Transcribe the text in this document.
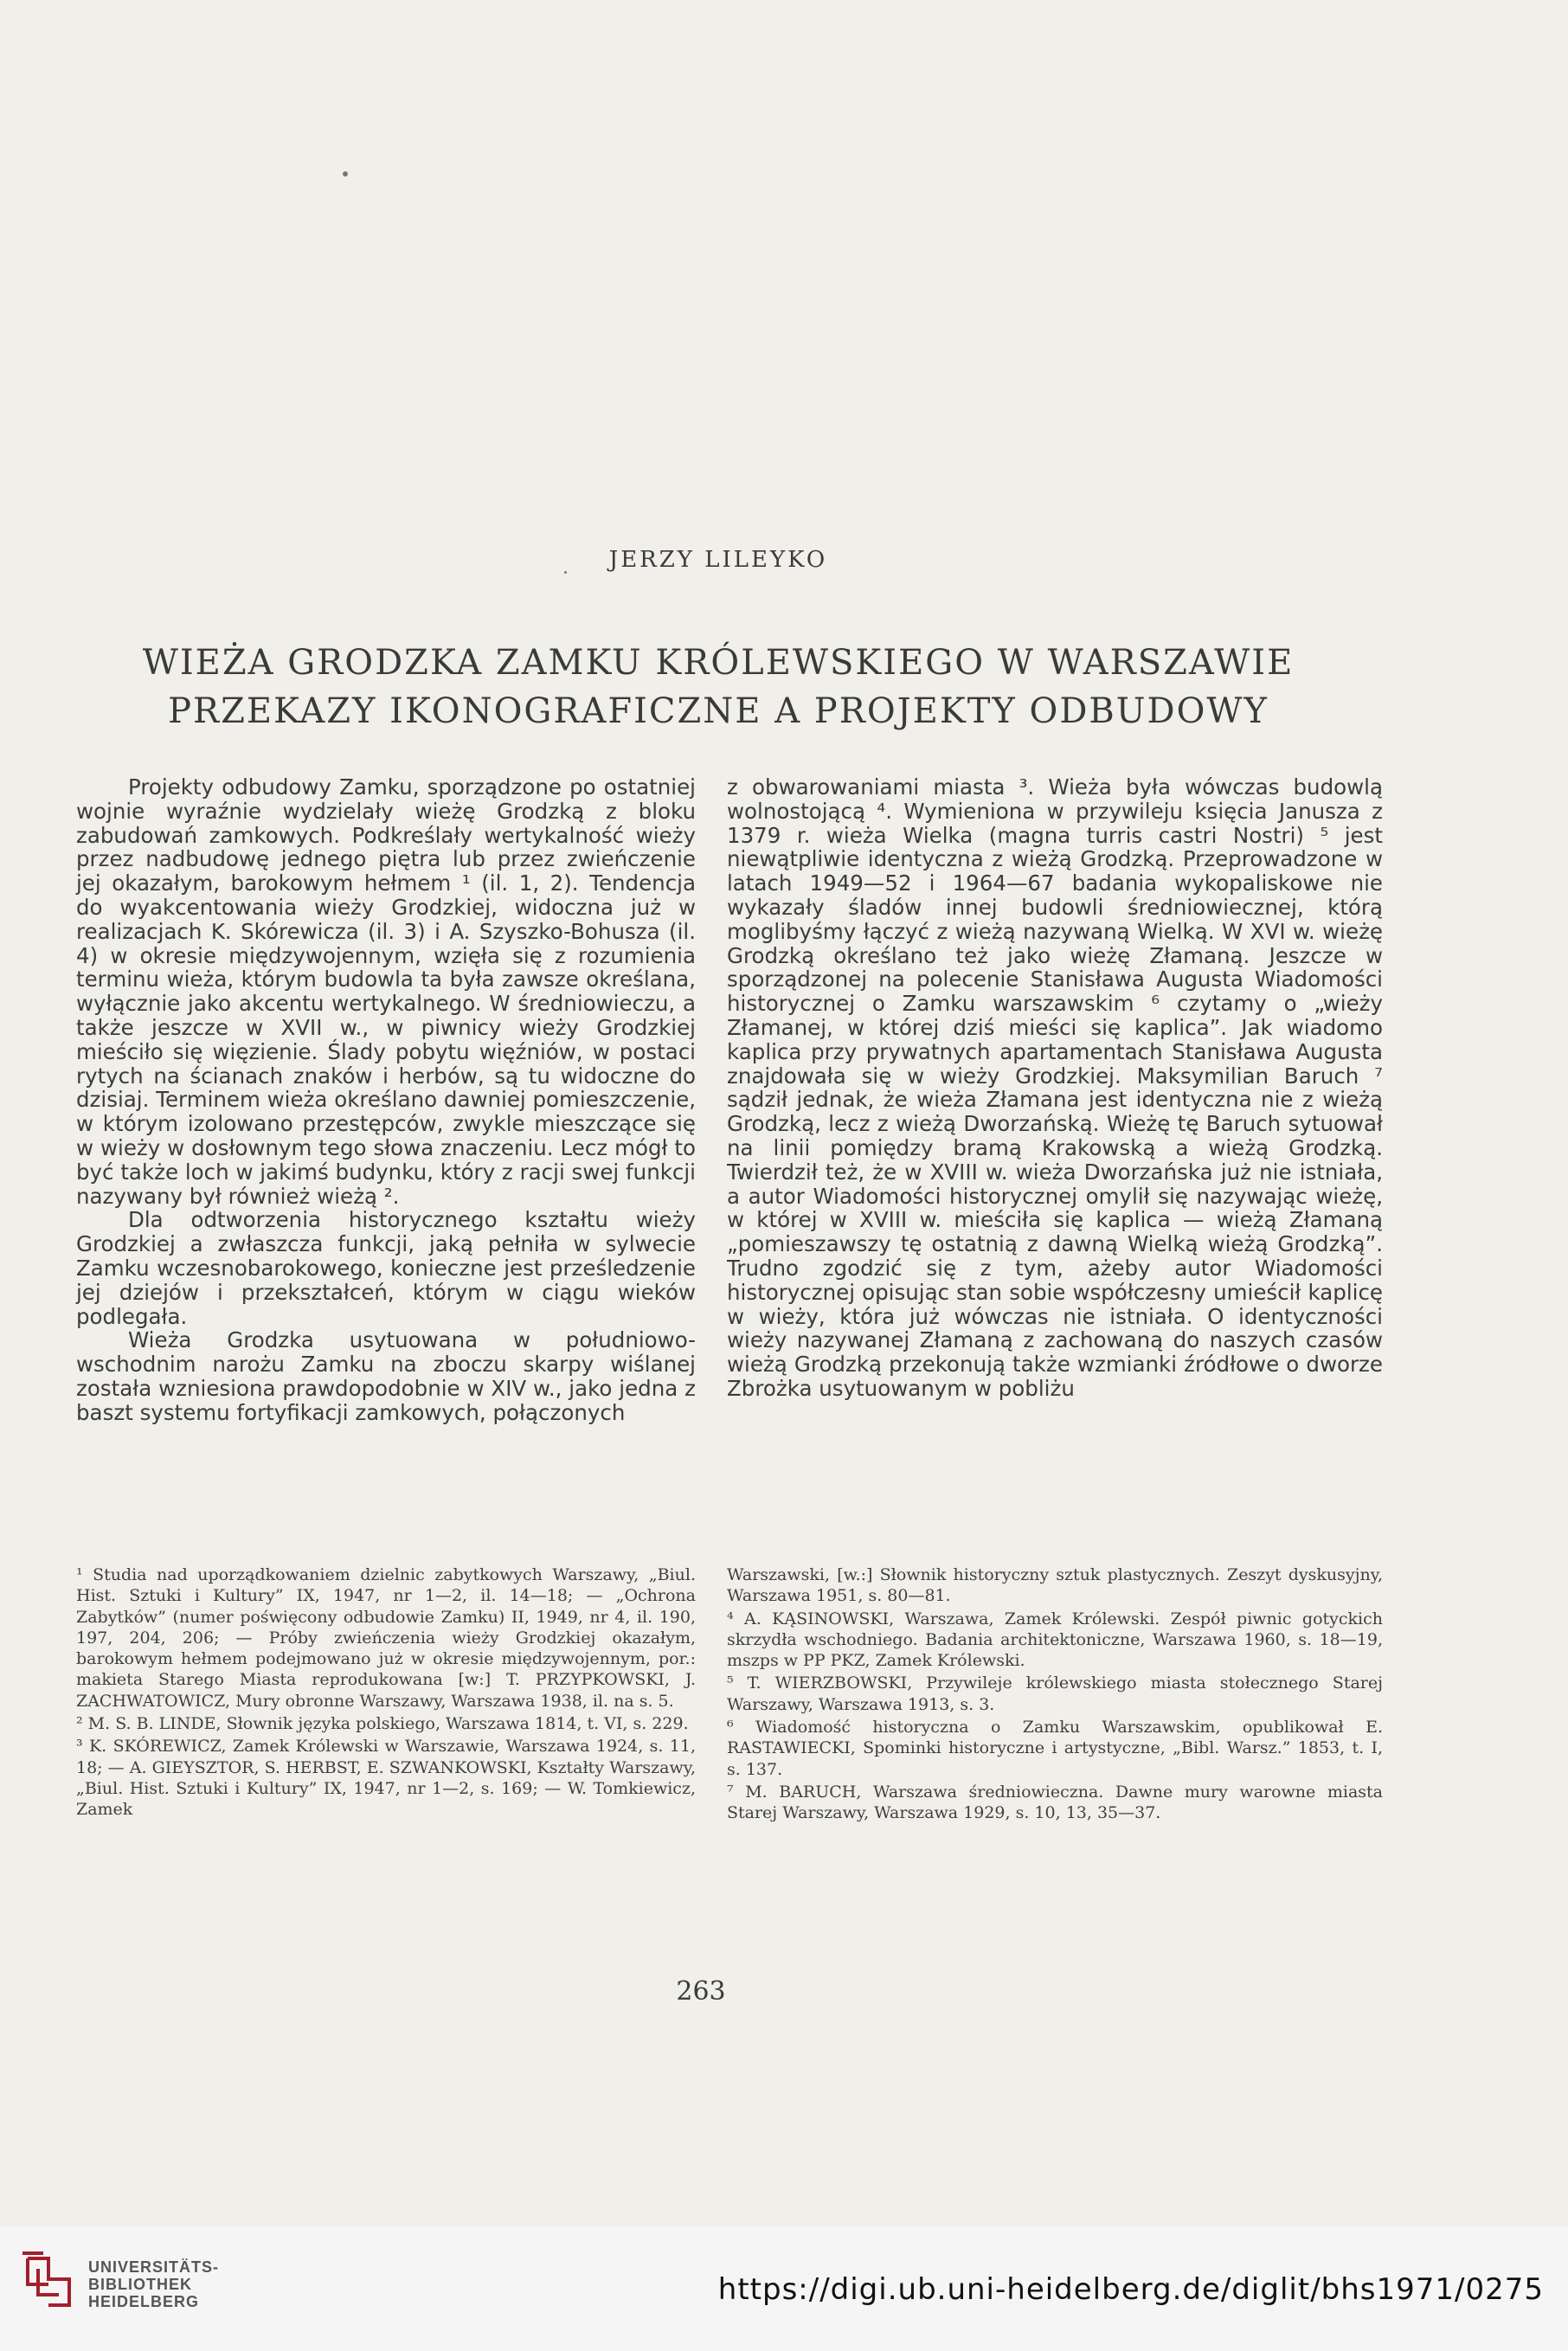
JERZY LILEYKO
WIEŻA GRODZKA ZAMKU KRÓLEWSKIEGO W WARSZAWIE
PRZEKAZY IKONOGRAFICZNE A PROJEKTY ODBUDOWY

Projekty odbudowy Zamku, sporządzone po ostatniej wojnie wyraźnie wydzielały wieżę Grodzką z bloku zabudowań zamkowych. Podkreślały wertykalność wieży przez nadbudowę jednego piętra lub przez zwieńczenie jej okazałym, barokowym hełmem ¹ (il. 1, 2). Tendencja do wyakcentowania wieży Grodzkiej, widoczna już w realizacjach K. Skórewicza (il. 3) i A. Szyszko-Bohusza (il. 4) w okresie międzywojennym, wzięła się z rozumienia terminu wieża, którym budowla ta była zawsze określana, wyłącznie jako akcentu wertykalnego. W średniowieczu, a także jeszcze w XVII w., w piwnicy wieży Grodzkiej mieściło się więzienie. Ślady pobytu więźniów, w postaci rytych na ścianach znaków i herbów, są tu widoczne do dzisiaj. Terminem wieża określano dawniej pomieszczenie, w którym izolowano przestępców, zwykle mieszczące się w wieży w dosłownym tego słowa znaczeniu. Lecz mógł to być także loch w jakimś budynku, który z racji swej funkcji nazywany był również wieżą ².

Dla odtworzenia historycznego kształtu wieży Grodzkiej a zwłaszcza funkcji, jaką pełniła w sylwecie Zamku wczesnobarokowego, konieczne jest prześledzenie jej dziejów i przekształceń, którym w ciągu wieków podlegała.

Wieża Grodzka usytuowana w południowo-wschodnim narożu Zamku na zboczu skarpy wiślanej została wzniesiona prawdopodobnie w XIV w., jako jedna z baszt systemu fortyfikacji zamkowych, połączonych

z obwarowaniami miasta ³. Wieża była wówczas budowlą wolnostojącą ⁴. Wymieniona w przywileju księcia Janusza z 1379 r. wieża Wielka (magna turris castri Nostri) ⁵ jest niewątpliwie identyczna z wieżą Grodzką. Przeprowadzone w latach 1949—52 i 1964—67 badania wykopaliskowe nie wykazały śladów innej budowli średniowiecznej, którą moglibyśmy łączyć z wieżą nazywaną Wielką. W XVI w. wieżę Grodzką określano też jako wieżę Złamaną. Jeszcze w sporządzonej na polecenie Stanisława Augusta Wiadomości historycznej o Zamku warszawskim ⁶ czytamy o „wieży Złamanej, w której dziś mieści się kaplica”. Jak wiadomo kaplica przy prywatnych apartamentach Stanisława Augusta znajdowała się w wieży Grodzkiej. Maksymilian Baruch ⁷ sądził jednak, że wieża Złamana jest identyczna nie z wieżą Grodzką, lecz z wieżą Dworzańską. Wieżę tę Baruch sytuował na linii pomiędzy bramą Krakowską a wieżą Grodzką. Twierdził też, że w XVIII w. wieża Dworzańska już nie istniała, a autor Wiadomości historycznej omylił się nazywając wieżę, w której w XVIII w. mieściła się kaplica — wieżą Złamaną „pomieszawszy tę ostatnią z dawną Wielką wieżą Grodzką”. Trudno zgodzić się z tym, ażeby autor Wiadomości historycznej opisując stan sobie współczesny umieścił kaplicę w wieży, która już wówczas nie istniała. O identyczności wieży nazywanej Złamaną z zachowaną do naszych czasów wieżą Grodzką przekonują także wzmianki źródłowe o dworze Zbrożka usytuowanym w pobliżu

¹ Studia nad uporządkowaniem dzielnic zabytkowych Warszawy, „Biul. Hist. Sztuki i Kultury” IX, 1947, nr 1—2, il. 14—18; — „Ochrona Zabytków” (numer poświęcony odbudowie Zamku) II, 1949, nr 4, il. 190, 197, 204, 206; — Próby zwieńczenia wieży Grodzkiej okazałym, barokowym hełmem podejmowano już w okresie międzywojennym, por.: makieta Starego Miasta reprodukowana [w:] T. PRZYPKOWSKI, J. ZACHWATOWICZ, Mury obronne Warszawy, Warszawa 1938, il. na s. 5.

² M. S. B. LINDE, Słownik języka polskiego, Warszawa 1814, t. VI, s. 229.

³ K. SKÓREWICZ, Zamek Królewski w Warszawie, Warszawa 1924, s. 11, 18; — A. GIEYSZTOR, S. HERBST, E. SZWANKOWSKI, Kształty Warszawy, „Biul. Hist. Sztuki i Kultury” IX, 1947, nr 1—2, s. 169; — W. Tomkiewicz, Zamek

Warszawski, [w.:] Słownik historyczny sztuk plastycznych. Zeszyt dyskusyjny, Warszawa 1951, s. 80—81.

⁴ A. KĄSINOWSKI, Warszawa, Zamek Królewski. Zespół piwnic gotyckich skrzydła wschodniego. Badania architektoniczne, Warszawa 1960, s. 18—19, mszps w PP PKZ, Zamek Królewski.

⁵ T. WIERZBOWSKI, Przywileje królewskiego miasta stołecznego Starej Warszawy, Warszawa 1913, s. 3.

⁶ Wiadomość historyczna o Zamku Warszawskim, opublikował E. RASTAWIECKI, Spominki historyczne i artystyczne, „Bibl. Warsz.” 1853, t. I, s. 137.

⁷ M. BARUCH, Warszawa średniowieczna. Dawne mury warowne miasta Starej Warszawy, Warszawa 1929, s. 10, 13, 35—37.

263
UNIVERSITÄTS-
BIBLIOTHEK
HEIDELBERG	https://digi.ub.uni-heidelberg.de/diglit/bhs1971/0275
